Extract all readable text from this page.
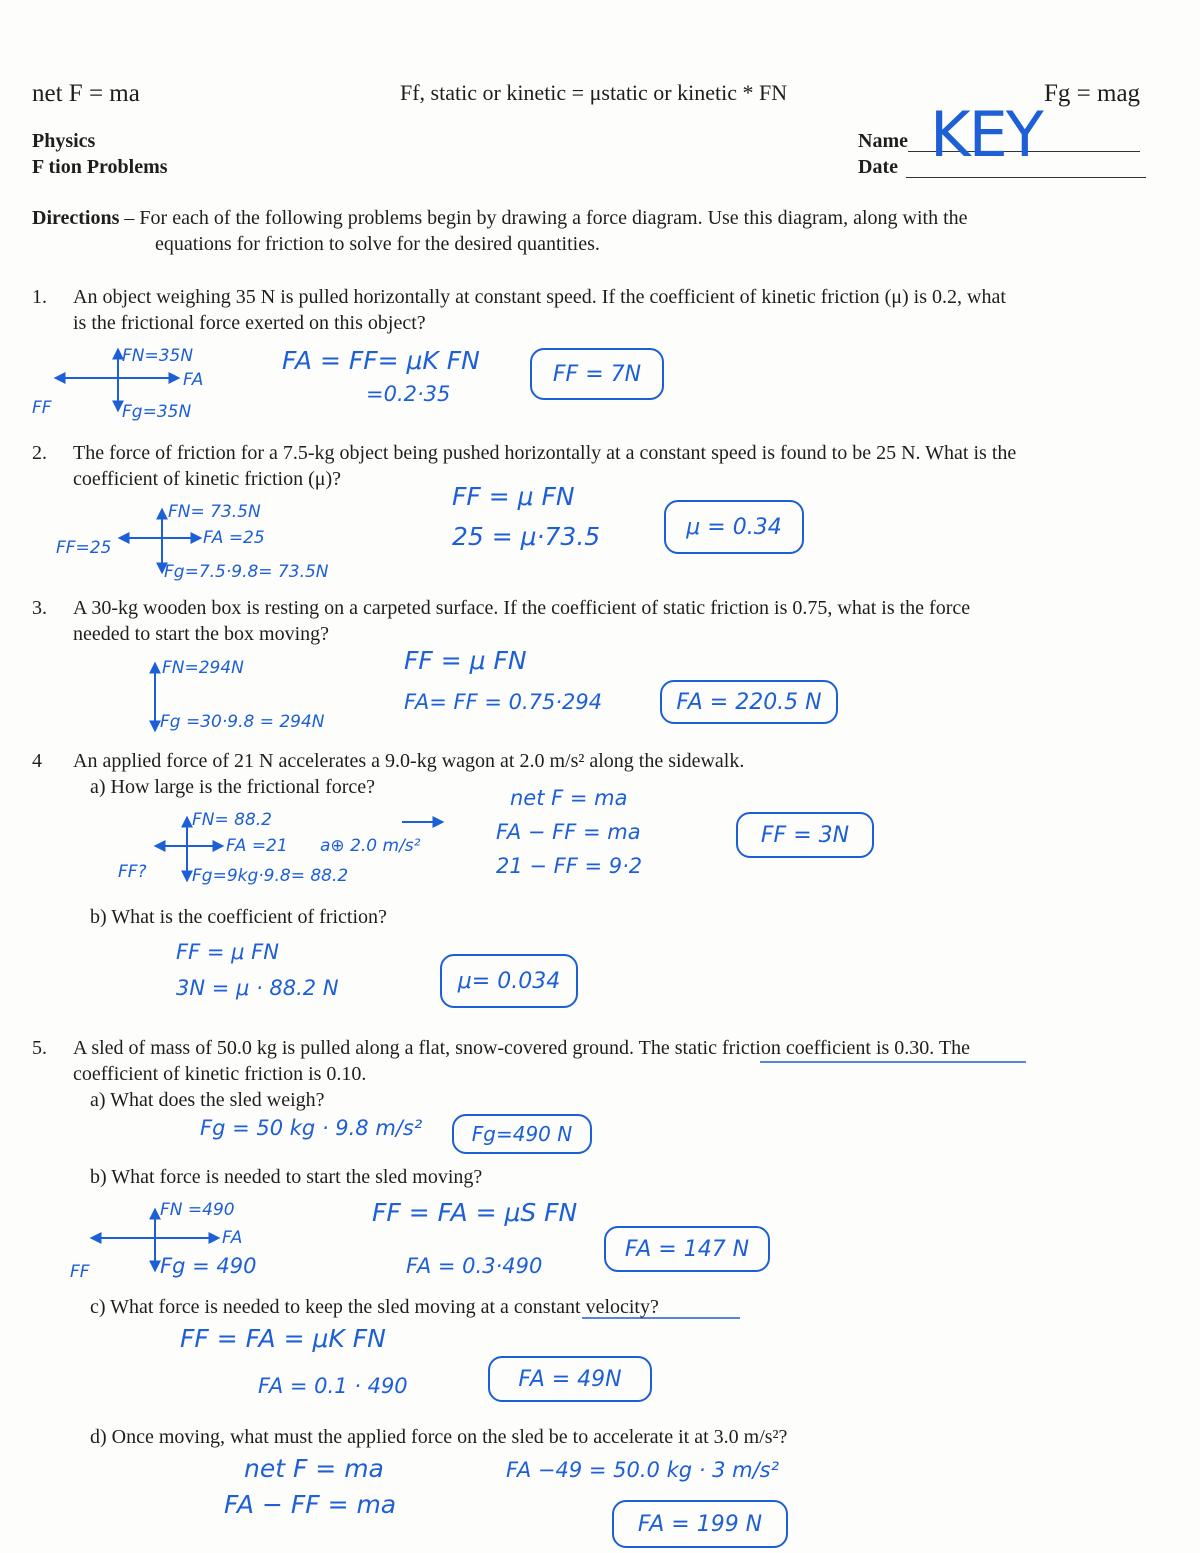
net F = ma	Ff, static or kinetic = μstatic or kinetic * FN	Fg = mag
Physics
F tion Problems
Name
Date KEY
Directions – For each of the following problems begin by drawing a force diagram. Use this diagram, along with the
equations for friction to solve for the desired quantities.
1. An object weighing 35 N is pulled horizontally at constant speed. If the coefficient of kinetic friction (μ) is 0.2, what
is the frictional force exerted on this object?
FN=35N
FA
FF	Fg=35N
FA = FF= μK FN
=0.2·35
FF = 7N
2. The force of friction for a 7.5-kg object being pushed horizontally at a constant speed is found to be 25 N. What is the
coefficient of kinetic friction (μ)?
FN= 73.5N
FA =25
FF=25
Fg=7.5·9.8= 73.5N
FF = μ FN
25 = μ·73.5	μ = 0.34
3. A 30-kg wooden box is resting on a carpeted surface. If the coefficient of static friction is 0.75, what is the force
needed to start the box moving?
FN=294N
Fg =30·9.8 = 294N
FF = μ FN
FA= FF = 0.75·294	FA = 220.5 N
4 An applied force of 21 N accelerates a 9.0-kg wagon at 2.0 m/s² along the sidewalk.
a) How large is the frictional force?
FN= 88.2
FA =21 a⊕ 2.0 m/s²
FF?	Fg=9kg·9.8= 88.2
net F = ma
FA − FF = ma
21 − FF = 9·2
FF = 3N
b) What is the coefficient of friction?
FF = μ FN
3N = μ · 88.2 N	μ= 0.034
5. A sled of mass of 50.0 kg is pulled along a flat, snow-covered ground. The static friction coefficient is 0.30. The
coefficient of kinetic friction is 0.10.
a) What does the sled weigh?
Fg = 50 kg · 9.8 m/s²	Fg=490 N
b) What force is needed to start the sled moving?
FN =490
FA
FF	Fg = 490
FF = FA = μS FN
FA = 0.3·490
FA = 147 N
c) What force is needed to keep the sled moving at a constant velocity?
FF = FA = μK FN
FA = 0.1 · 490	FA = 49N
d) Once moving, what must the applied force on the sled be to accelerate it at 3.0 m/s²?
net F = ma
FA − FF = ma
FA −49 = 50.0 kg · 3 m/s²
FA = 199 N
